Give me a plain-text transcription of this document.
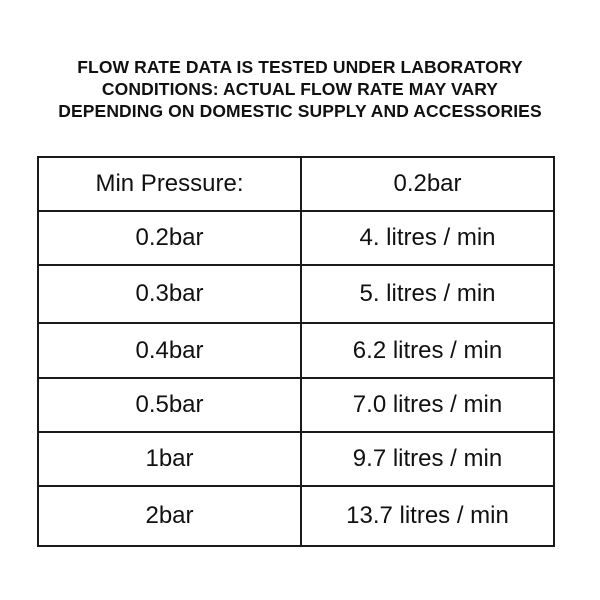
FLOW RATE DATA IS TESTED UNDER LABORATORY
CONDITIONS: ACTUAL FLOW RATE MAY VARY
DEPENDING ON DOMESTIC SUPPLY AND ACCESSORIES
Min Pressure:	0.2bar
0.2bar	4. litres / min
0.3bar	5. litres / min
0.4bar	6.2 litres / min
0.5bar	7.0 litres / min
1bar	9.7 litres / min
2bar	13.7 litres / min
